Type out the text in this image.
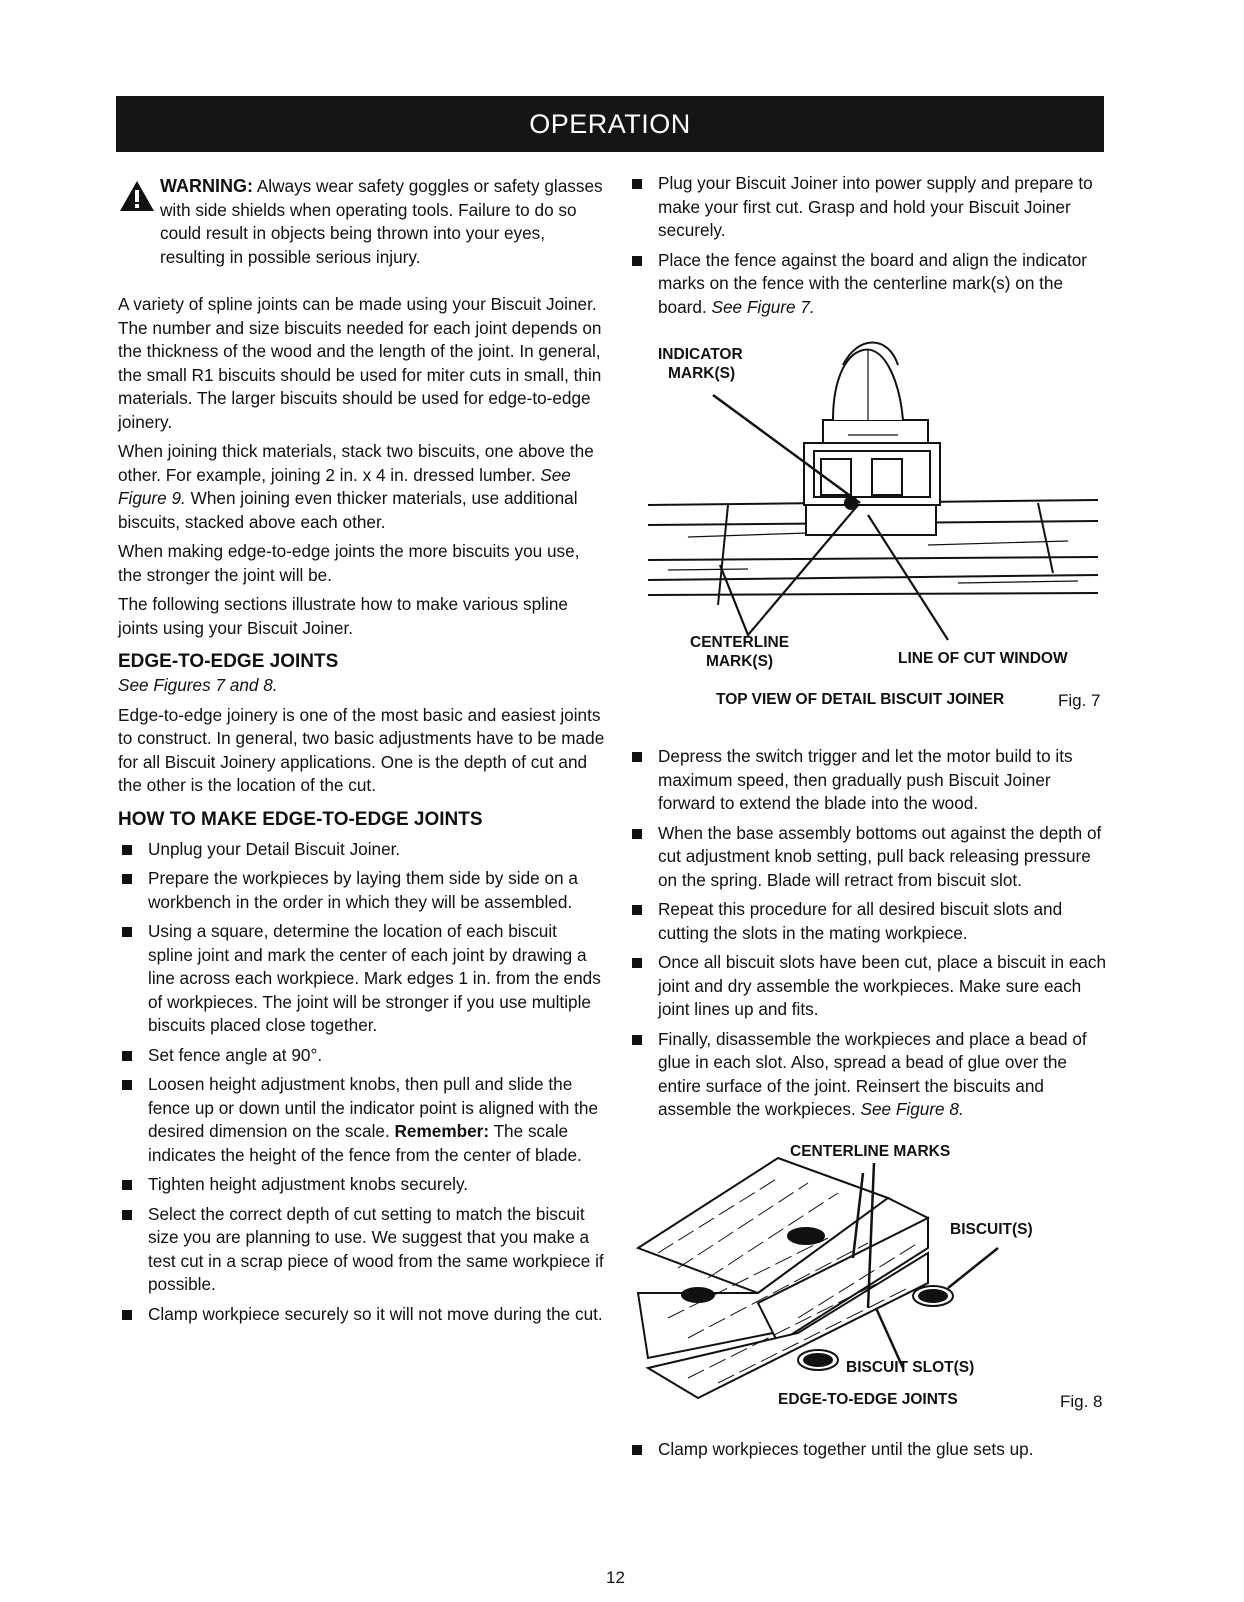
OPERATION
WARNING: Always wear safety goggles or safety glasses with side shields when operating tools. Failure to do so could result in objects being thrown into your eyes, resulting in possible serious injury.

A variety of spline joints can be made using your Biscuit Joiner. The number and size biscuits needed for each joint depends on the thickness of the wood and the length of the joint. In general, the small R1 biscuits should be used for miter cuts in small, thin materials. The larger biscuits should be used for edge-to-edge joinery.

When joining thick materials, stack two biscuits, one above the other. For example, joining 2 in. x 4 in. dressed lumber. See Figure 9. When joining even thicker materials, use additional biscuits, stacked above each other.

When making edge-to-edge joints the more biscuits you use, the stronger the joint will be.

The following sections illustrate how to make various spline joints using your Biscuit Joiner.

EDGE-TO-EDGE JOINTS

See Figures 7 and 8.

Edge-to-edge joinery is one of the most basic and easiest joints to construct. In general, two basic adjustments have to be made for all Biscuit Joinery applications. One is the depth of cut and the other is the location of the cut.

HOW TO MAKE EDGE-TO-EDGE JOINTS
Unplug your Detail Biscuit Joiner.
Prepare the workpieces by laying them side by side on a workbench in the order in which they will be assembled.
Using a square, determine the location of each biscuit spline joint and mark the center of each joint by drawing a line across each workpiece. Mark edges 1 in. from the ends of workpieces. The joint will be stronger if you use multiple biscuits placed close together.
Set fence angle at 90°.
Loosen height adjustment knobs, then pull and slide the fence up or down until the indicator point is aligned with the desired dimension on the scale. Remember: The scale indicates the height of the fence from the center of blade.
Tighten height adjustment knobs securely.
Select the correct depth of cut setting to match the biscuit size you are planning to use. We suggest that you make a test cut in a scrap piece of wood from the same workpiece if possible.
Clamp workpiece securely so it will not move during the cut.
Plug your Biscuit Joiner into power supply and prepare to make your first cut. Grasp and hold your Biscuit Joiner securely.
Place the fence against the board and align the indicator marks on the fence with the centerline mark(s) on the board. See Figure 7.
INDICATOR
MARK(S)
CENTERLINE
MARK(S)	LINE OF CUT WINDOW
TOP VIEW OF DETAIL BISCUIT JOINER	Fig. 7
Depress the switch trigger and let the motor build to its maximum speed, then gradually push Biscuit Joiner forward to extend the blade into the wood.
When the base assembly bottoms out against the depth of cut adjustment knob setting, pull back releasing pressure on the spring. Blade will retract from biscuit slot.
Repeat this procedure for all desired biscuit slots and cutting the slots in the mating workpiece.
Once all biscuit slots have been cut, place a biscuit in each joint and dry assemble the workpieces. Make sure each joint lines up and fits.
Finally, disassemble the workpieces and place a bead of glue in each slot. Also, spread a bead of glue over the entire surface of the joint. Reinsert the biscuits and assemble the workpieces. See Figure 8.
CENTERLINE MARKS
BISCUIT(S)
BISCUIT SLOT(S)
EDGE-TO-EDGE JOINTS	Fig. 8
Clamp workpieces together until the glue sets up.
12
